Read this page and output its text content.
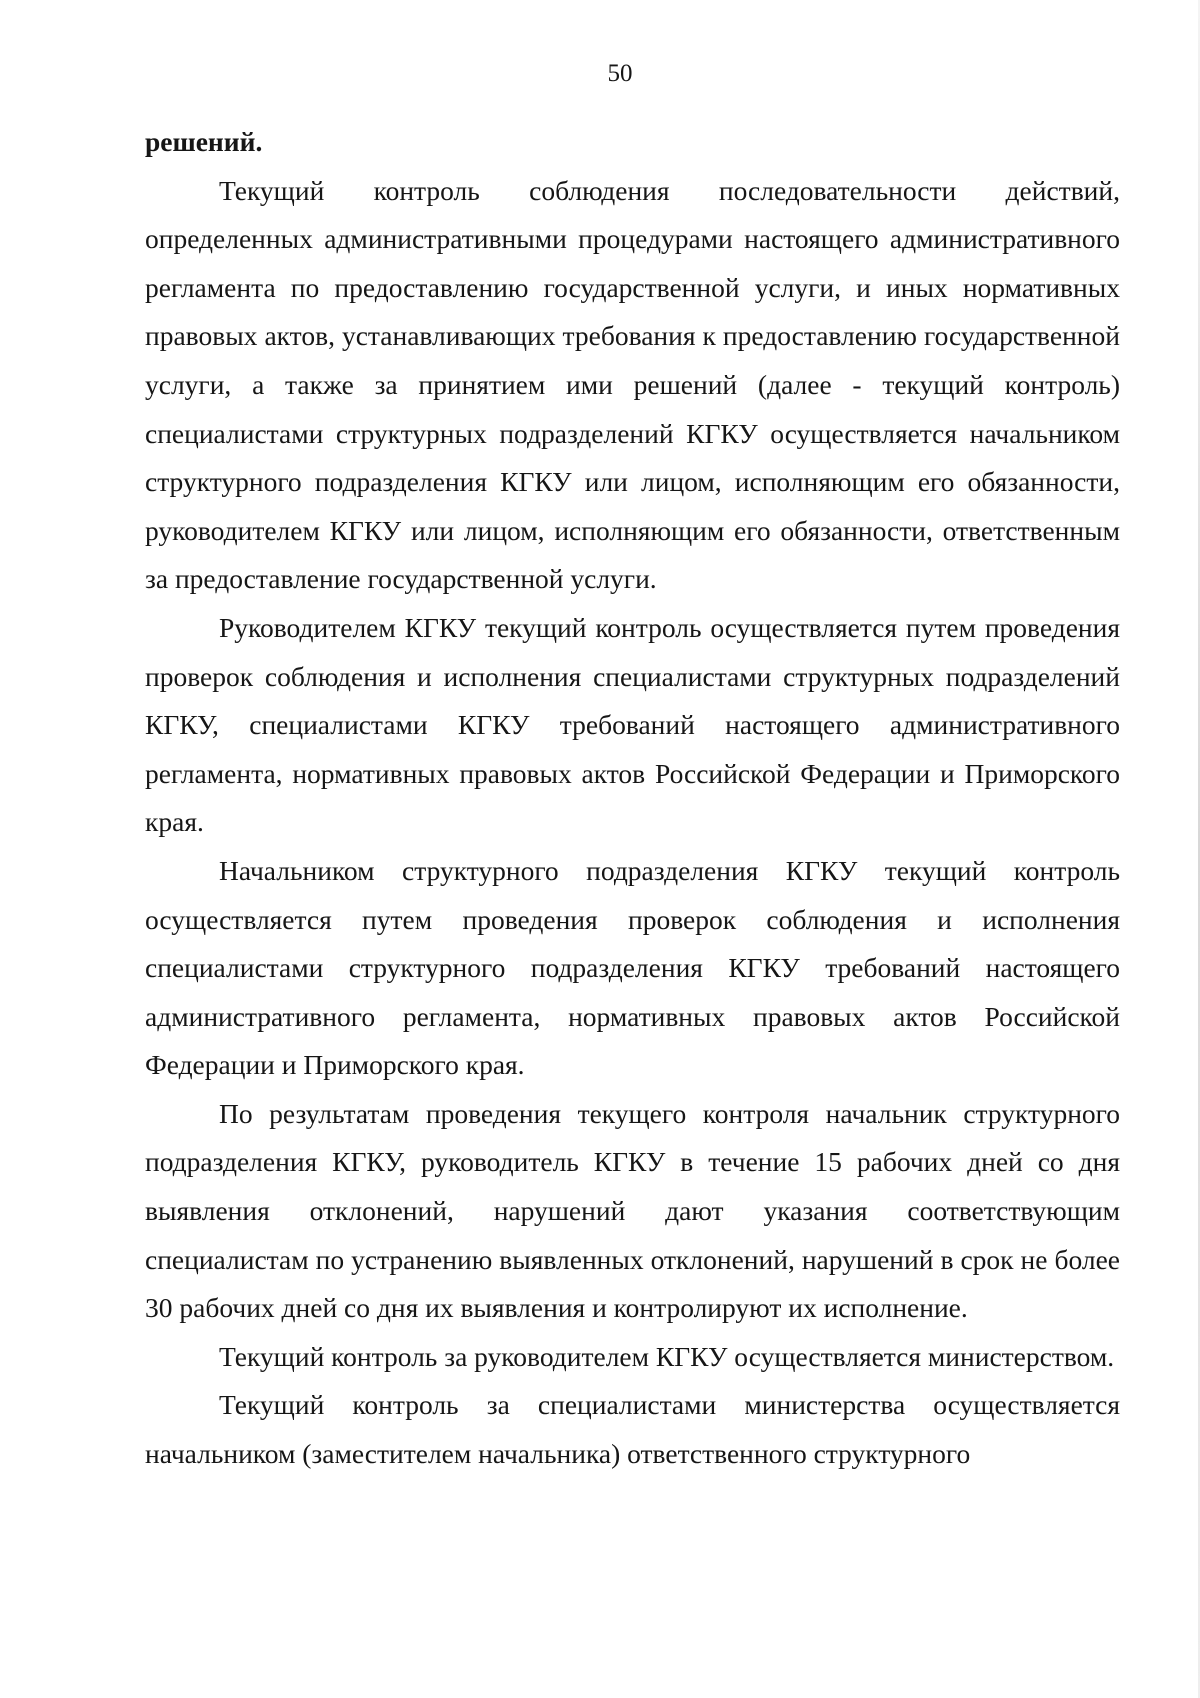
50

решений.

Текущий контроль соблюдения последовательности действий, определенных административными процедурами настоящего административного регламента по предоставлению государственной услуги, и иных нормативных правовых актов, устанавливающих требования к предоставлению государственной услуги, а также за принятием ими решений (далее - текущий контроль) специалистами структурных подразделений КГКУ осуществляется начальником структурного подразделения КГКУ или лицом, исполняющим его обязанности, руководителем КГКУ или лицом, исполняющим его обязанности, ответственным за предоставление государственной услуги.

Руководителем КГКУ текущий контроль осуществляется путем проведения проверок соблюдения и исполнения специалистами структурных подразделений КГКУ, специалистами КГКУ требований настоящего административного регламента, нормативных правовых актов Российской Федерации и Приморского края.

Начальником структурного подразделения КГКУ текущий контроль осуществляется путем проведения проверок соблюдения и исполнения специалистами структурного подразделения КГКУ требований настоящего административного регламента, нормативных правовых актов Российской Федерации и Приморского края.

По результатам проведения текущего контроля начальник структурного подразделения КГКУ, руководитель КГКУ в течение 15 рабочих дней со дня выявления отклонений, нарушений дают указания соответствующим специалистам по устранению выявленных отклонений, нарушений в срок не более 30 рабочих дней со дня их выявления и контролируют их исполнение.

Текущий контроль за руководителем КГКУ осуществляется министерством.

Текущий контроль за специалистами министерства осуществляется начальником (заместителем начальника) ответственного структурного
